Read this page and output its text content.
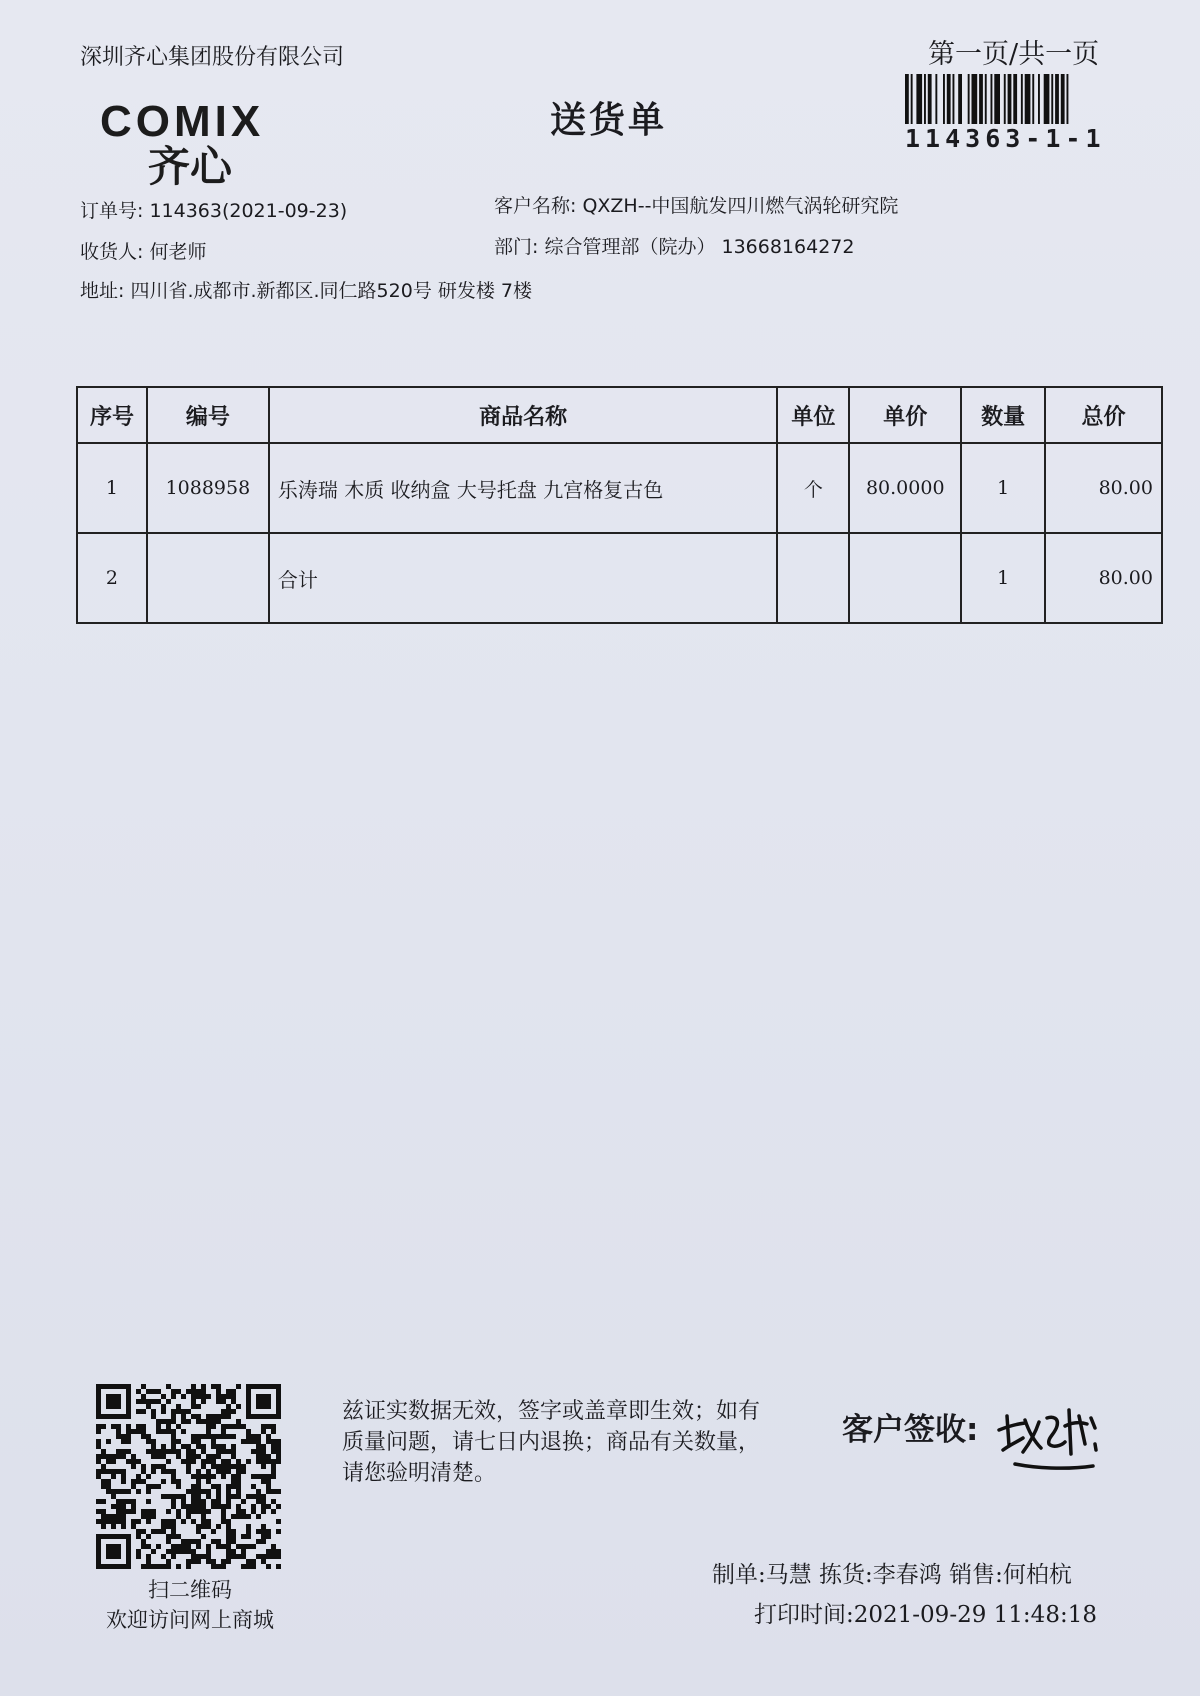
深圳齐心集团股份有限公司	第一页/共一页
114363-1-1
COMIX
齐心
送货单
订单号: 114363(2021-09-23)	客户名称: QXZH--中国航发四川燃气涡轮研究院
收货人: 何老师	部门: 综合管理部（院办） 13668164272
地址: 四川省.成都市.新都区.同仁路520号 研发楼 7楼
序号	编号	商品名称	单位	单价	数量	总价
1	1088958	乐涛瑞 木质 收纳盒 大号托盘 九宫格复古色	个	80.0000	1	80.00
2		合计			1	80.00
扫二维码
欢迎访问网上商城
兹证实数据无效，签字或盖章即生效；如有质量问题，请七日内退换；商品有关数量，请您验明清楚。
客户签收:
制单:马慧 拣货:李春鸿 销售:何柏杭
打印时间:2021-09-29 11:48:18
